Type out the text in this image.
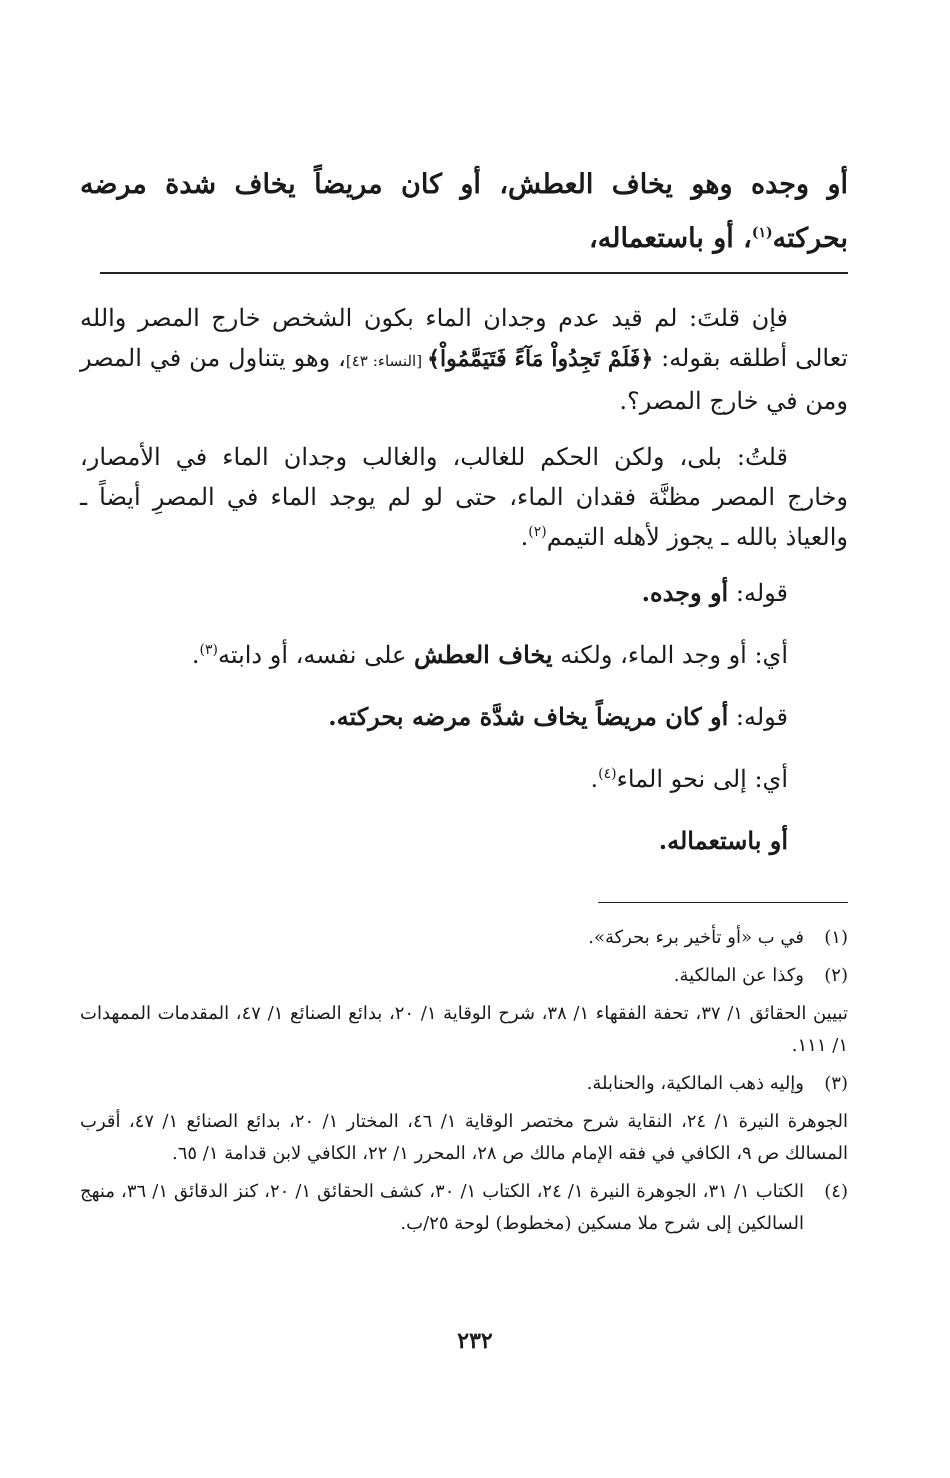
أو وجده وهو يخاف العطش، أو كان مريضاً يخاف شدة مرضه بحركته$^{(١)}$، أو باستعماله،

فإن قلتَ: لم قيد عدم وجدان الماء بكون الشخص خارج المصر والله تعالى أطلقه بقوله: ﴿فَلَمْ تَجِدُواْ مَآءً فَتَيَمَّمُواْ﴾ [النساء: ٤٣]، وهو يتناول من في المصر ومن في خارج المصر؟.

قلتُ: بلى، ولكن الحكم للغالب، والغالب وجدان الماء في الأمصار، وخارج المصر مظنَّة فقدان الماء، حتى لو لم يوجد الماء في المصرِ أيضاً ـ والعياذ بالله ـ يجوز لأهله التيمم$^{(٢)}$.

قوله: أو وجده.

أي: أو وجد الماء، ولكنه يخاف العطش على نفسه، أو دابته$^{(٣)}$.

قوله: أو كان مريضاً يخاف شدَّة مرضه بحركته.

أي: إلى نحو الماء$^{(٤)}$.

أو باستعماله.

(١)
في ب «أو تأخير برء بحركة».
(٢)
وكذا عن المالكية.

تبيين الحقائق ١/ ٣٧، تحفة الفقهاء ١/ ٣٨، شرح الوقاية ١/ ٢٠، بدائع الصنائع ١/ ٤٧، المقدمات الممهدات ١/ ١١١.

(٣)
وإليه ذهب المالكية، والحنابلة.

الجوهرة النيرة ١/ ٢٤، النقاية شرح مختصر الوقاية ١/ ٤٦، المختار ١/ ٢٠، بدائع الصنائع ١/ ٤٧، أقرب المسالك ص ٩، الكافي في فقه الإمام مالك ص ٢٨، المحرر ١/ ٢٢، الكافي لابن قدامة ١/ ٦٥.

(٤)
الكتاب ١/ ٣١، الجوهرة النيرة ١/ ٢٤، الكتاب ١/ ٣٠، كشف الحقائق ١/ ٢٠، كنز الدقائق ١/ ٣٦، منهج السالكين إلى شرح ملا مسكين (مخطوط) لوحة ٢٥/ب.
٢٣٢
